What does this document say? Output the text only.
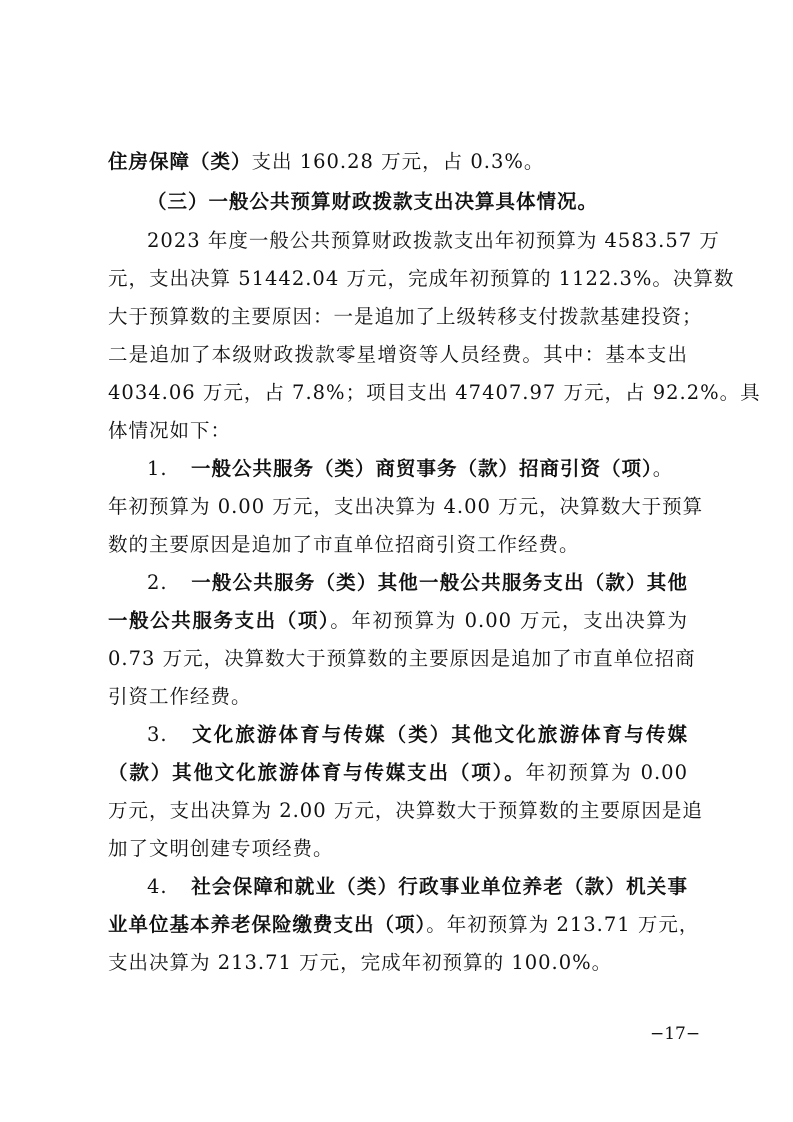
住房保障（类）支出 160.28 万元，占 0.3%。
（三）一般公共预算财政拨款支出决算具体情况。
2023 年度一般公共预算财政拨款支出年初预算为 4583.57 万
元，支出决算 51442.04 万元，完成年初预算的 1122.3%。决算数
大于预算数的主要原因：一是追加了上级转移支付拨款基建投资；
二是追加了本级财政拨款零星增资等人员经费。其中：基本支出
4034.06 万元，占 7.8%；项目支出 47407.97 万元，占 92.2%。具
体情况如下：
1. 一般公共服务（类）商贸事务（款）招商引资（项）。
年初预算为 0.00 万元，支出决算为 4.00 万元，决算数大于预算
数的主要原因是追加了市直单位招商引资工作经费。
2. 一般公共服务（类）其他一般公共服务支出（款）其他
一般公共服务支出（项）。年初预算为 0.00 万元，支出决算为
0.73 万元，决算数大于预算数的主要原因是追加了市直单位招商
引资工作经费。
3. 文化旅游体育与传媒（类）其他文化旅游体育与传媒
（款）其他文化旅游体育与传媒支出（项）。年初预算为 0.00
万元，支出决算为 2.00 万元，决算数大于预算数的主要原因是追
加了文明创建专项经费。
4. 社会保障和就业（类）行政事业单位养老（款）机关事
业单位基本养老保险缴费支出（项）。年初预算为 213.71 万元，
支出决算为 213.71 万元，完成年初预算的 100.0%。
−17−
